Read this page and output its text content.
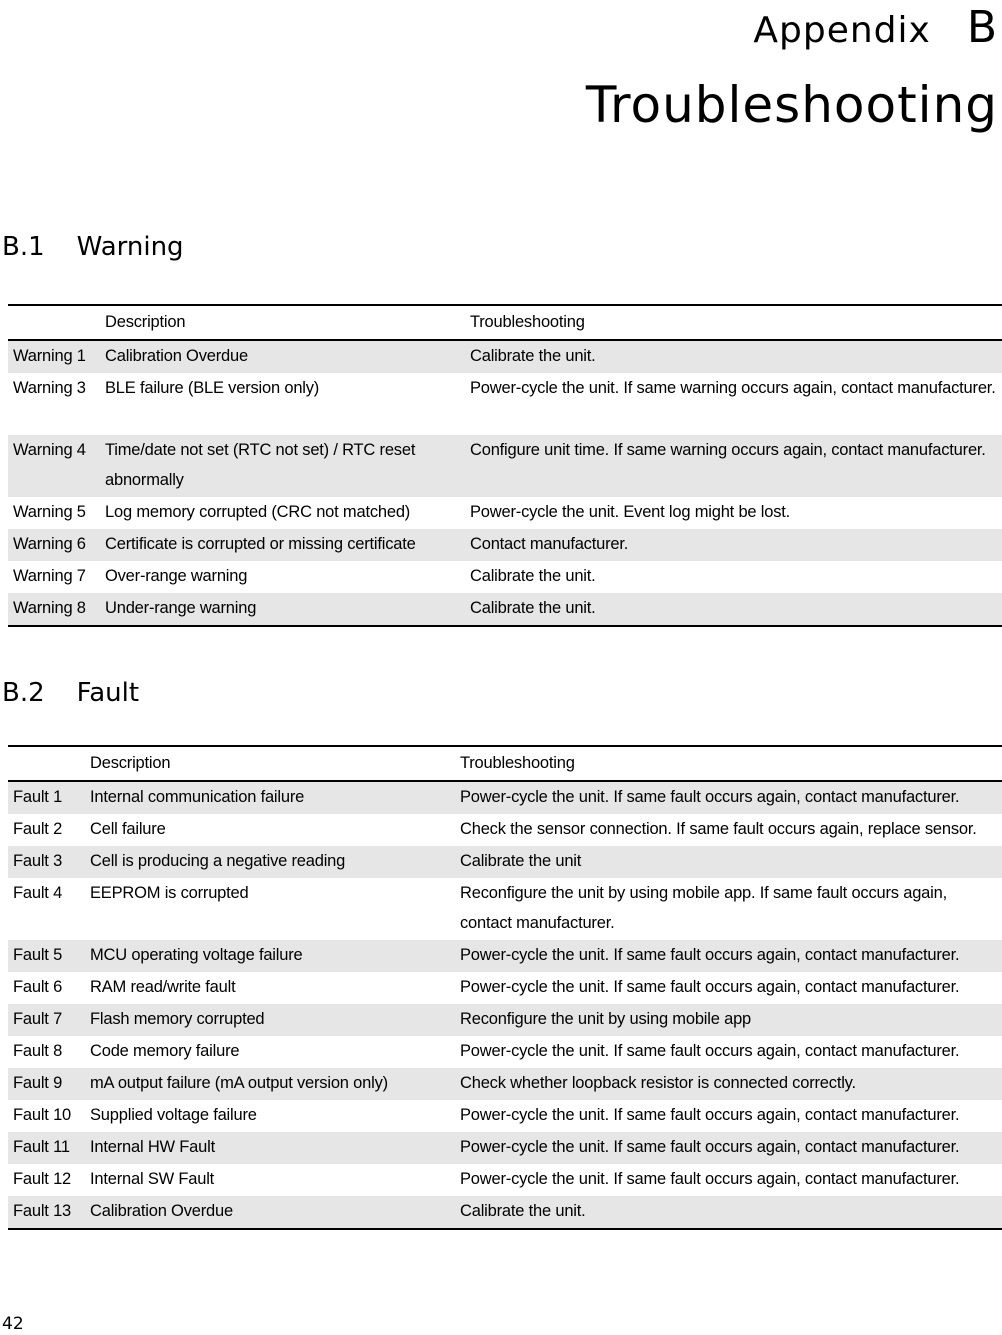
Appendix B
Troubleshooting
B.1 Warning
	Description	Troubleshooting
Warning 1	Calibration Overdue	Calibrate the unit.
Warning 3	BLE failure (BLE version only)	Power-cycle the unit. If same warning occurs again, contact manufacturer.
Warning 4	Time/date not set (RTC not set) / RTC reset abnormally	Configure unit time. If same warning occurs again, contact manufacturer.
Warning 5	Log memory corrupted (CRC not matched)	Power-cycle the unit. Event log might be lost.
Warning 6	Certificate is corrupted or missing certificate	Contact manufacturer.
Warning 7	Over-range warning	Calibrate the unit.
Warning 8	Under-range warning	Calibrate the unit.
B.2 Fault
	Description	Troubleshooting
Fault 1	Internal communication failure	Power-cycle the unit. If same fault occurs again, contact manufacturer.
Fault 2	Cell failure	Check the sensor connection. If same fault occurs again, replace sensor.
Fault 3	Cell is producing a negative reading	Calibrate the unit
Fault 4	EEPROM is corrupted	Reconfigure the unit by using mobile app. If same fault occurs again,
contact manufacturer.
Fault 5	MCU operating voltage failure	Power-cycle the unit. If same fault occurs again, contact manufacturer.
Fault 6	RAM read/write fault	Power-cycle the unit. If same fault occurs again, contact manufacturer.
Fault 7	Flash memory corrupted	Reconfigure the unit by using mobile app
Fault 8	Code memory failure	Power-cycle the unit. If same fault occurs again, contact manufacturer.
Fault 9	mA output failure (mA output version only)	Check whether loopback resistor is connected correctly.
Fault 10	Supplied voltage failure	Power-cycle the unit. If same fault occurs again, contact manufacturer.
Fault 11	Internal HW Fault	Power-cycle the unit. If same fault occurs again, contact manufacturer.
Fault 12	Internal SW Fault	Power-cycle the unit. If same fault occurs again, contact manufacturer.
Fault 13	Calibration Overdue	Calibrate the unit.
42
